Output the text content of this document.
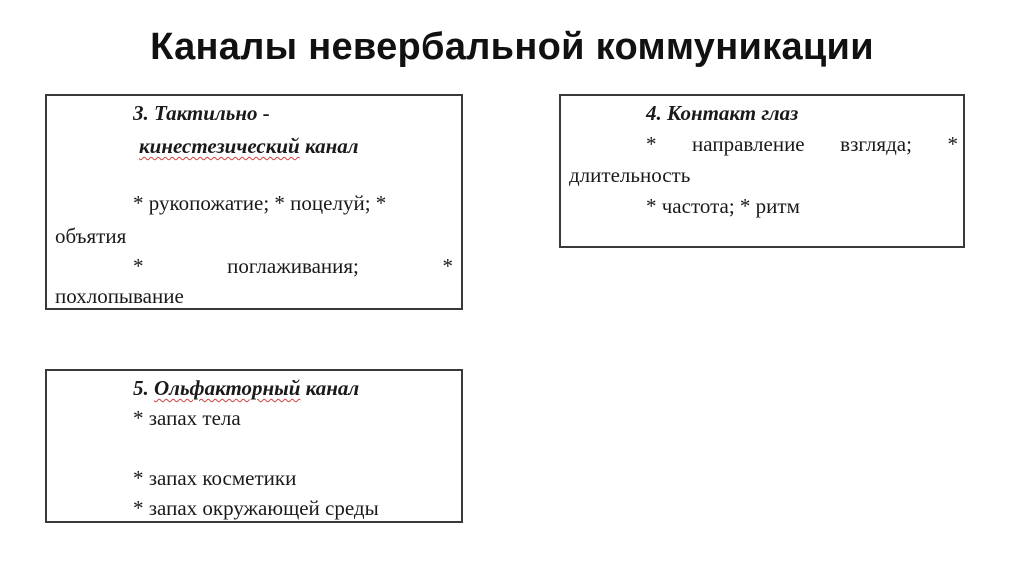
Каналы невербальной коммуникации
3. Тактильно -
кинестезический канал
* рукопожатие; * поцелуй; *
объятия
*	поглаживания;	*
похлопывание
4. Контакт глаз
* направление взгляда; *
длительность
* частота; * ритм
5. Ольфакторный канал
* запах тела
* запах косметики
* запах окружающей среды
